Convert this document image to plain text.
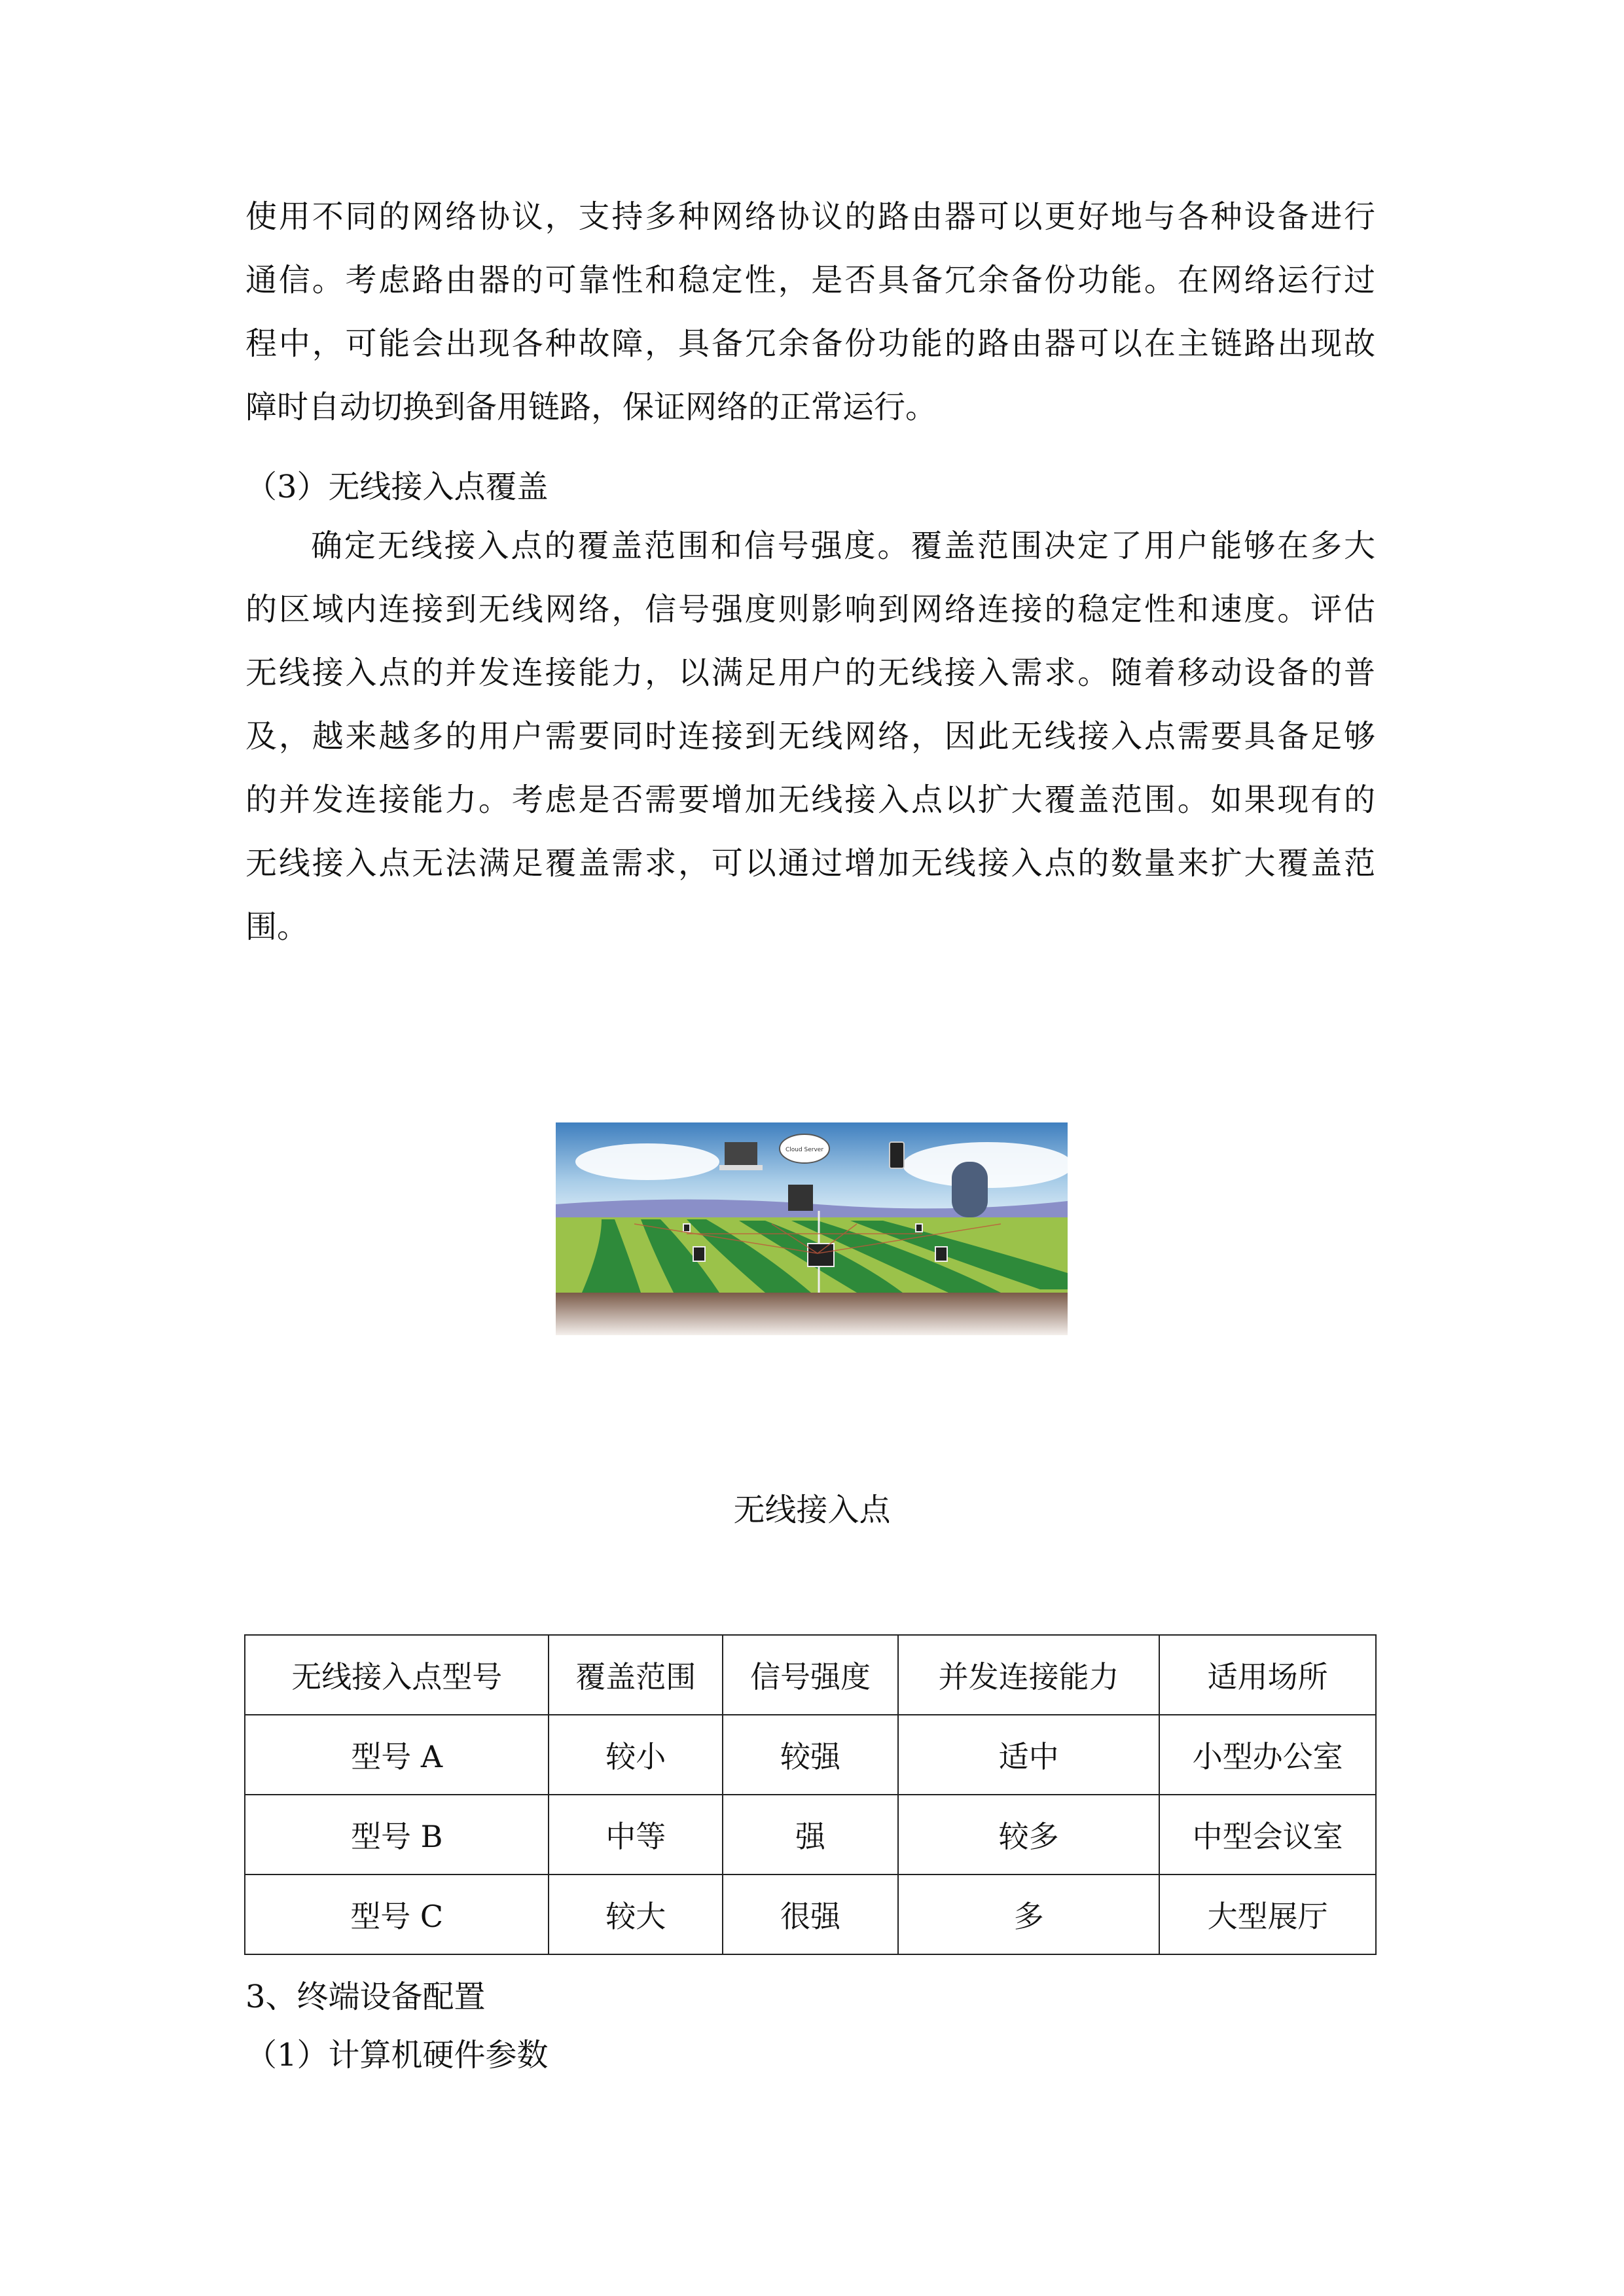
使用不同的网络协议，支持多种网络协议的路由器可以更好地与各种设备进行
通信。考虑路由器的可靠性和稳定性，是否具备冗余备份功能。在网络运行过
程中，可能会出现各种故障，具备冗余备份功能的路由器可以在主链路出现故
障时自动切换到备用链路，保证网络的正常运行。
（3）无线接入点覆盖
确定无线接入点的覆盖范围和信号强度。覆盖范围决定了用户能够在多大
的区域内连接到无线网络，信号强度则影响到网络连接的稳定性和速度。评估
无线接入点的并发连接能力，以满足用户的无线接入需求。随着移动设备的普
及，越来越多的用户需要同时连接到无线网络，因此无线接入点需要具备足够
的并发连接能力。考虑是否需要增加无线接入点以扩大覆盖范围。如果现有的
无线接入点无法满足覆盖需求，可以通过增加无线接入点的数量来扩大覆盖范
围。
Cloud Server
无线接入点
无线接入点型号	覆盖范围	信号强度	并发连接能力	适用场所
型号 A	较小	较强	适中	小型办公室
型号 B	中等	强	较多	中型会议室
型号 C	较大	很强	多	大型展厅
3、终端设备配置
（1）计算机硬件参数
